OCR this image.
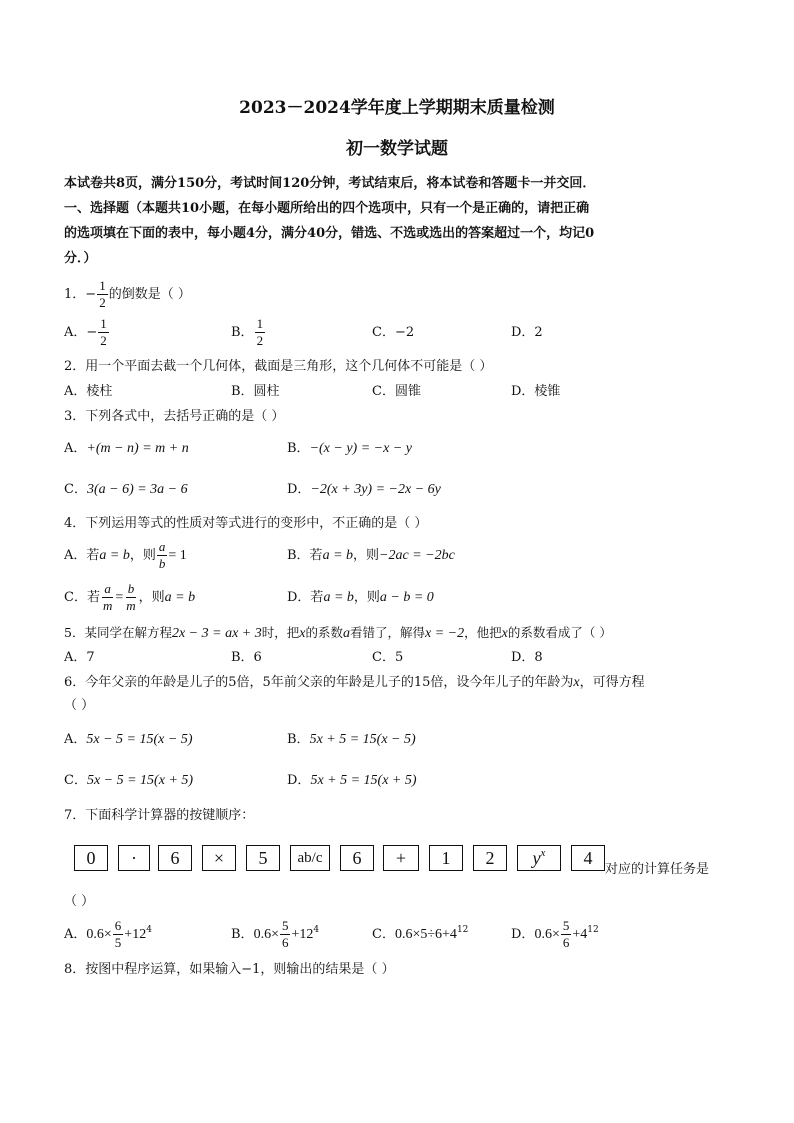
2023－2024学年度上学期期末质量检测
初一数学试题
本试卷共8页，满分150分，考试时间120分钟，考试结束后，将本试卷和答题卡一并交回．
一、选择题（本题共10小题，在每小题所给出的四个选项中，只有一个是正确的，请把正确
的选项填在下面的表中，每小题4分，满分40分，错选、不选或选出的答案超过一个，均记0
分．）
1．− $\frac{1}{2}$ 的倒数是（ ）
A．− $\frac{1}{2}$	B． $\frac{1}{2}$	C．−2	D．2
2．用一个平面去截一个几何体，截面是三角形，这个几何体不可能是（ ）
A．棱柱	B．圆柱	C．圆锥	D．棱锥
3．下列各式中，去括号正确的是（ ）
A．+(m − n) = m + n	B．−(x − y) = −x − y
C．3(a − 6) = 3a − 6	D．−2(x + 3y) = −2x − 6y
4．下列运用等式的性质对等式进行的变形中，不正确的是（ ）
A．若a = b，则 $\frac{a}{b} = 1$	B．若a = b，则−2ac = −2bc
C．若 $\frac{a}{m} = \frac{b}{m}$ ，则a = b	D．若a = b，则a − b = 0
5．某同学在解方程2x − 3 = ax + 3时，把x的系数a看错了，解得x = −2，他把x的系数看成了（ ）
A．7	B．6	C．5	D．8
6．今年父亲的年龄是儿子的5倍，5年前父亲的年龄是儿子的15倍，设今年儿子的年龄为x，可得方程
（ ）
A．5x − 5 = 15(x − 5)	B．5x + 5 = 15(x − 5)
C．5x − 5 = 15(x + 5)	D．5x + 5 = 15(x + 5)
7．下面科学计算器的按键顺序：
0	·	6	×	5	ab/c	6	+	1	2	$y^x$	4
对应的计算任务是
（ ）
A．$0.6\times \frac{6}{5} +12^4$	B．$0.6\times \frac{5}{6} +12^4$	C．$0.6\times 5\div 6+4^{12}$	D．$0.6\times \frac{5}{6} +4^{12}$
8．按图中程序运算，如果输入−1，则输出的结果是（ ）
